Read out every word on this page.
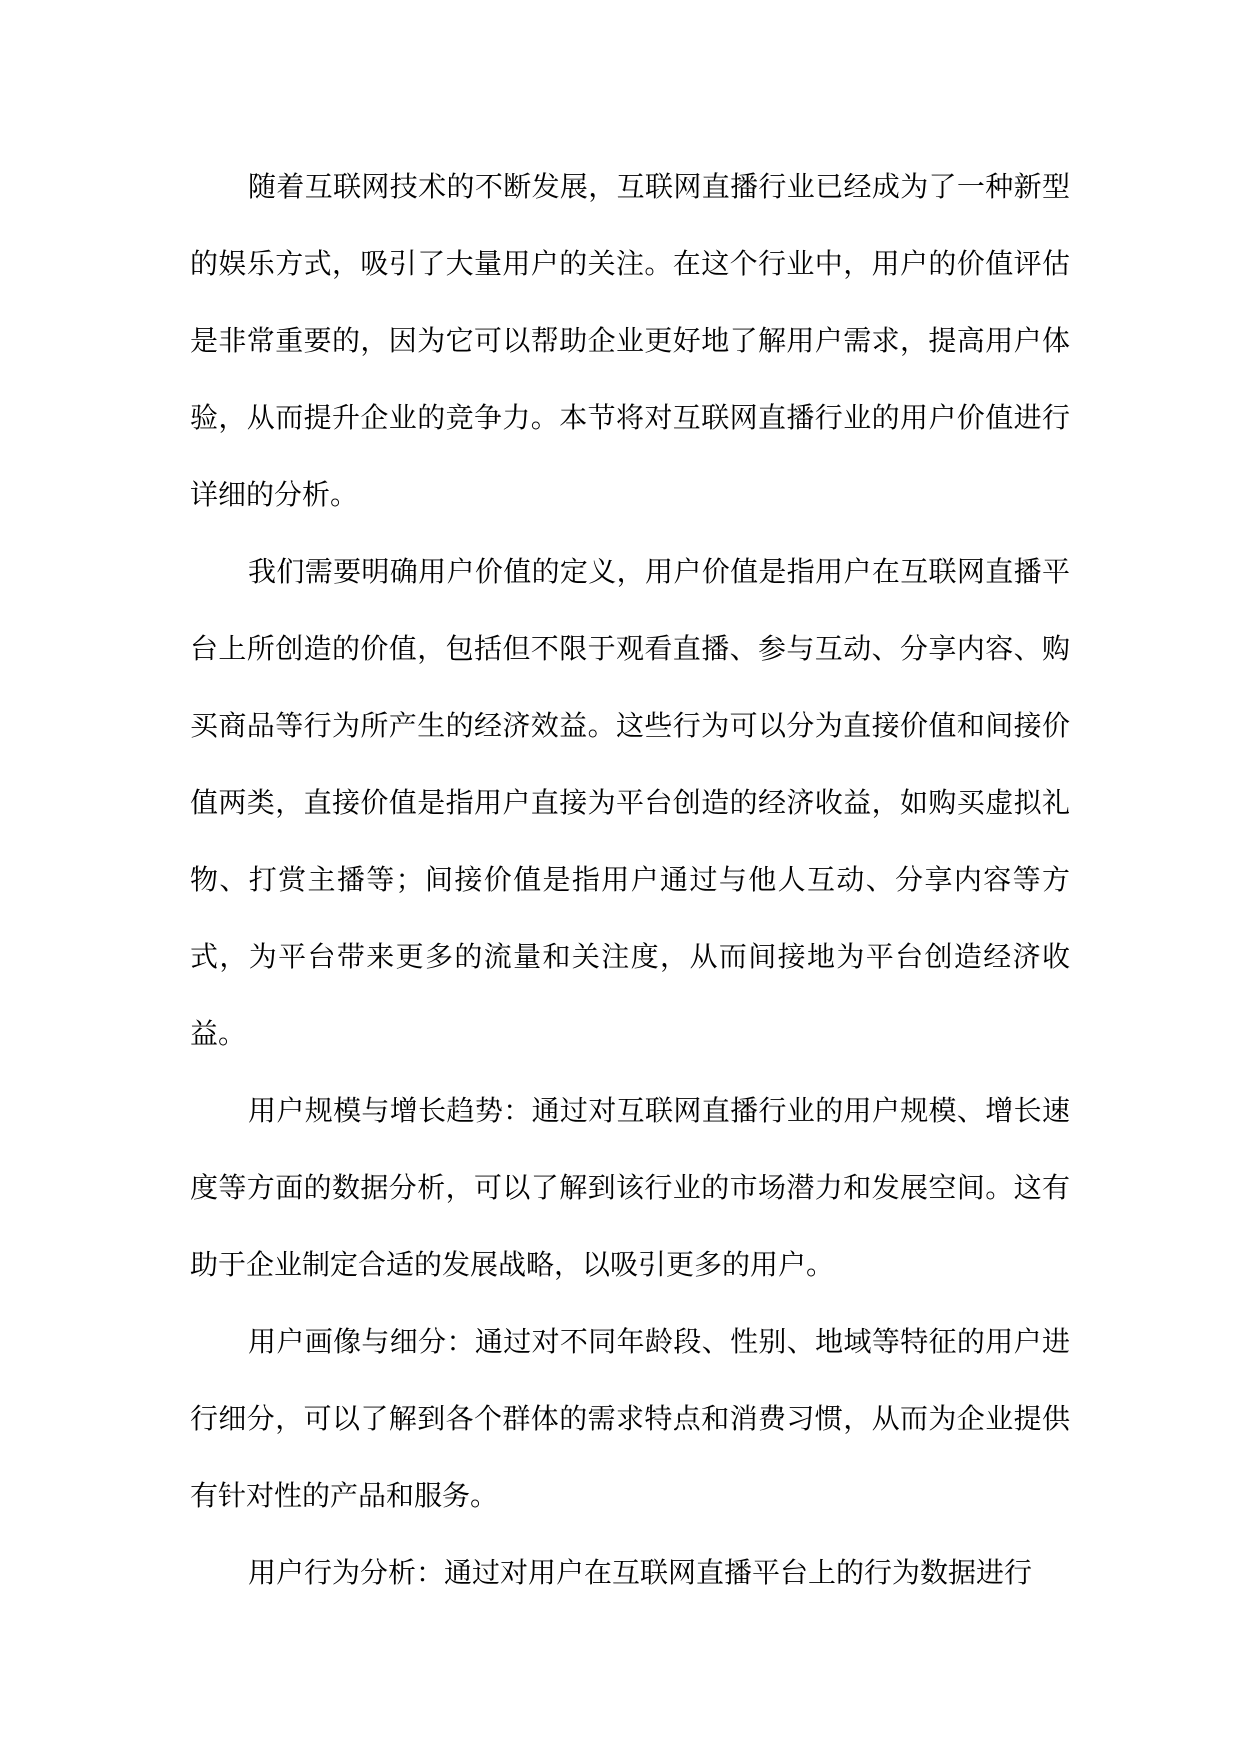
随着互联网技术的不断发展，互联网直播行业已经成为了一种新型的娱乐方式，吸引了大量用户的关注。在这个行业中，用户的价值评估是非常重要的，因为它可以帮助企业更好地了解用户需求，提高用户体验，从而提升企业的竞争力。本节将对互联网直播行业的用户价值进行详细的分析。

我们需要明确用户价值的定义，用户价值是指用户在互联网直播平台上所创造的价值，包括但不限于观看直播、参与互动、分享内容、购买商品等行为所产生的经济效益。这些行为可以分为直接价值和间接价值两类，直接价值是指用户直接为平台创造的经济收益，如购买虚拟礼物、打赏主播等；间接价值是指用户通过与他人互动、分享内容等方式，为平台带来更多的流量和关注度，从而间接地为平台创造经济收益。

用户规模与增长趋势：通过对互联网直播行业的用户规模、增长速度等方面的数据分析，可以了解到该行业的市场潜力和发展空间。这有助于企业制定合适的发展战略，以吸引更多的用户。

用户画像与细分：通过对不同年龄段、性别、地域等特征的用户进行细分，可以了解到各个群体的需求特点和消费习惯，从而为企业提供有针对性的产品和服务。

用户行为分析：通过对用户在互联网直播平台上的行为数据进行
